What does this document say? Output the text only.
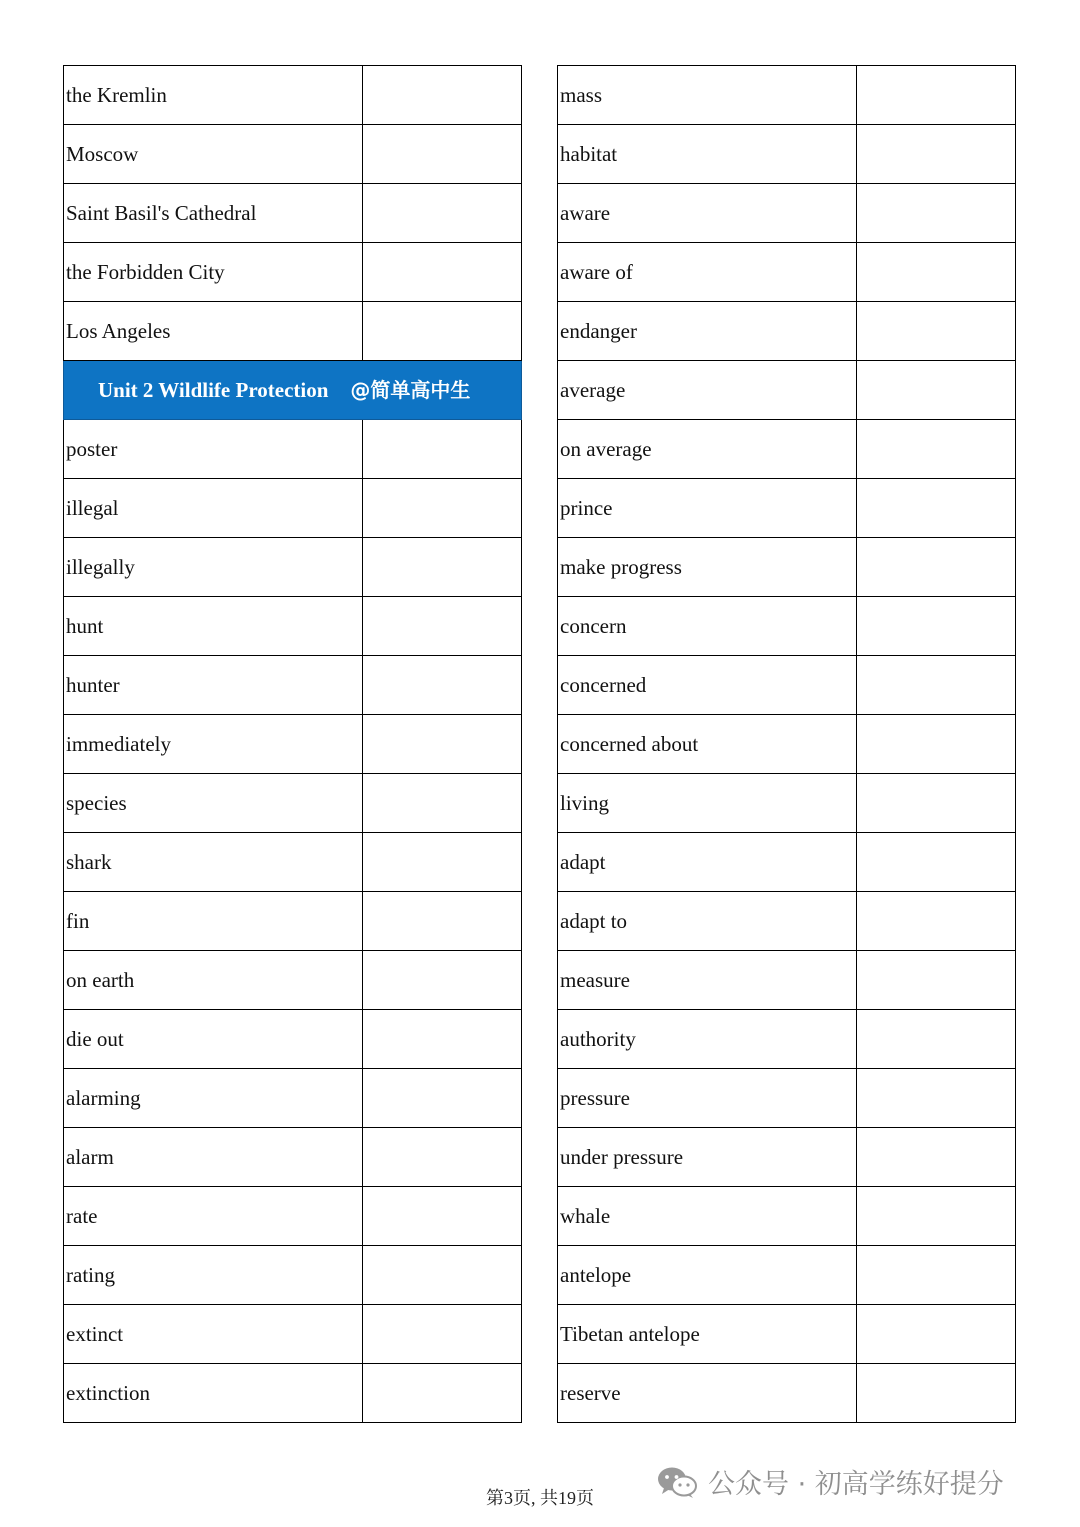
the Kremlin	
Moscow	
Saint Basil's Cathedral	
the Forbidden City	
Los Angeles	
Unit 2 Wildlife Protection @简单高中生	
poster	
illegal	
illegally	
hunt	
hunter	
immediately	
species	
shark	
fin	
on earth	
die out	
alarming	
alarm	
rate	
rating	
extinct	
extinction	
mass	
habitat	
aware	
aware of	
endanger	
average	
on average	
prince	
make progress	
concern	
concerned	
concerned about	
living	
adapt	
adapt to	
measure	
authority	
pressure	
under pressure	
whale	
antelope	
Tibetan antelope	
reserve	
第3页, 共19页	公众号 · 初高学练好提分
